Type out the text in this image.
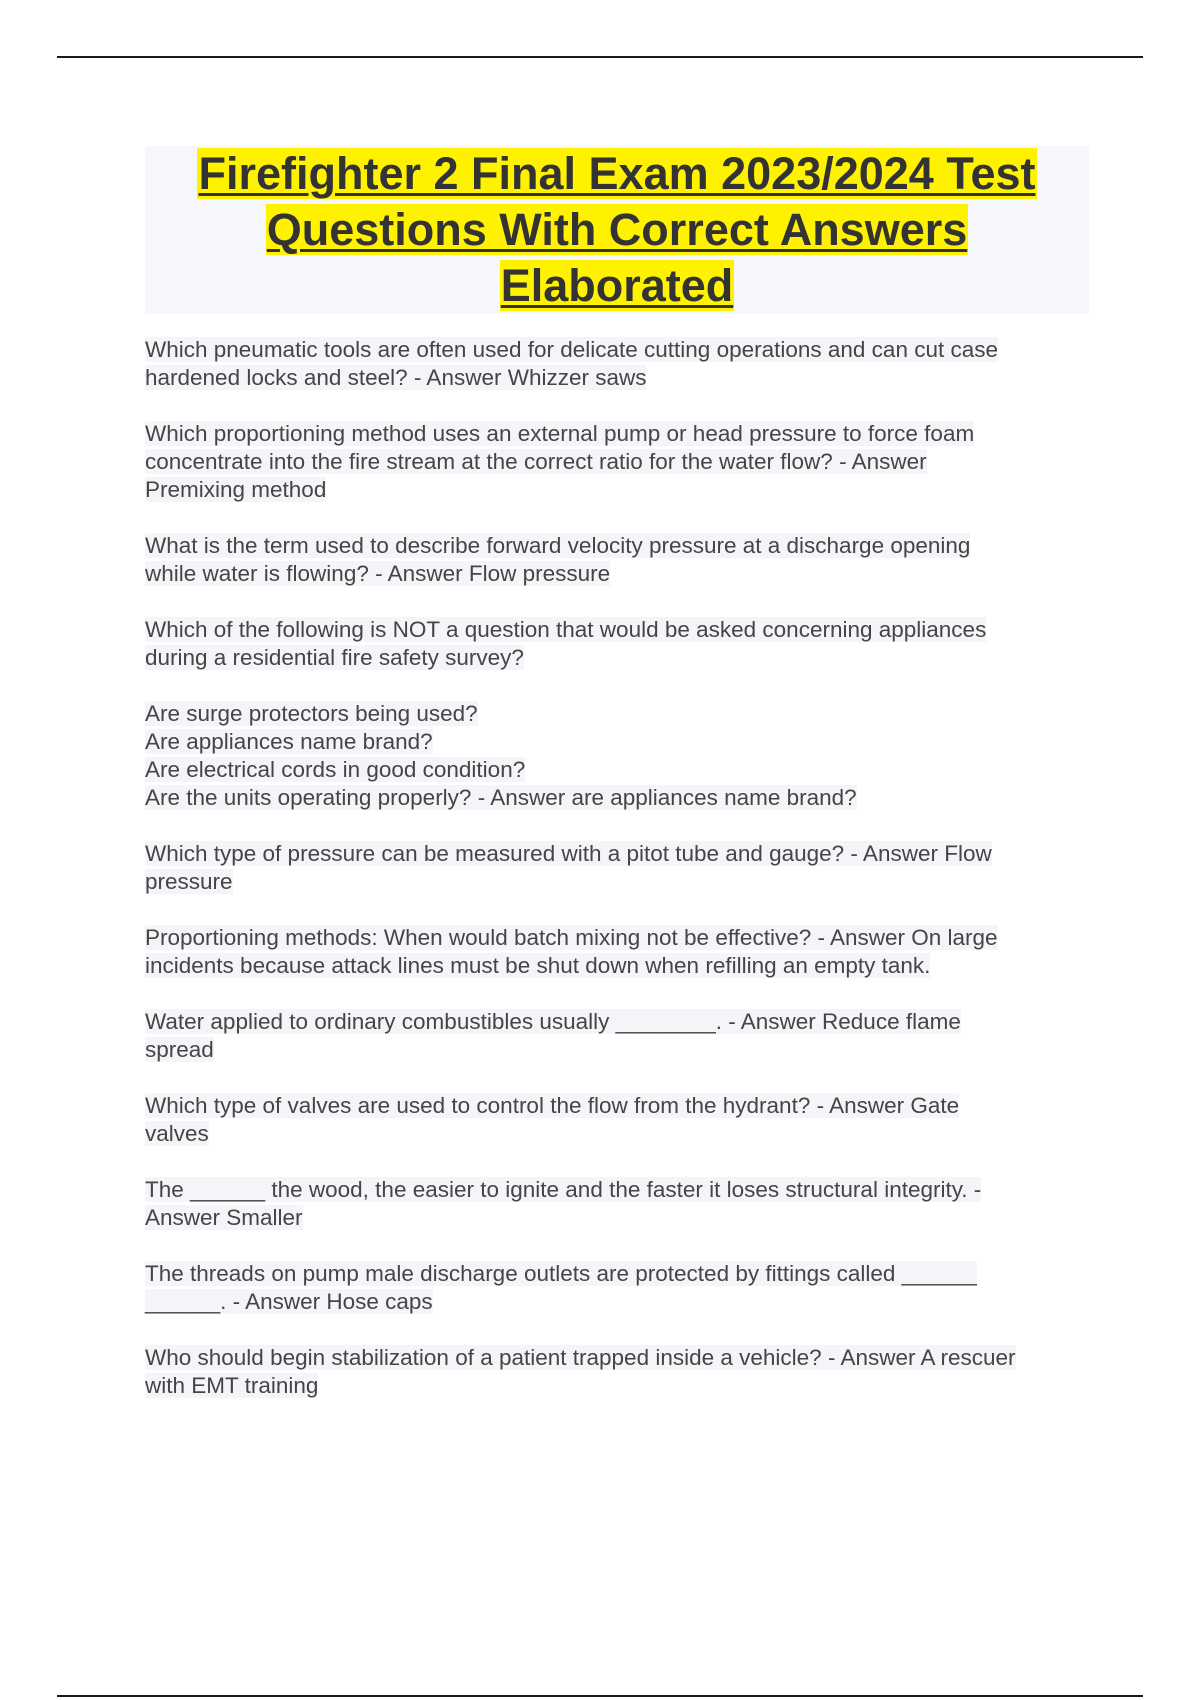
Firefighter 2 Final Exam 2023/2024 Test
Questions With Correct Answers
Elaborated
Which pneumatic tools are often used for delicate cutting operations and can cut case
hardened locks and steel? - Answer Whizzer saws
Which proportioning method uses an external pump or head pressure to force foam
concentrate into the fire stream at the correct ratio for the water flow? - Answer
Premixing method
What is the term used to describe forward velocity pressure at a discharge opening
while water is flowing? - Answer Flow pressure
Which of the following is NOT a question that would be asked concerning appliances
during a residential fire safety survey?
Are surge protectors being used?
Are appliances name brand?
Are electrical cords in good condition?
Are the units operating properly? - Answer are appliances name brand?
Which type of pressure can be measured with a pitot tube and gauge? - Answer Flow
pressure
Proportioning methods: When would batch mixing not be effective? - Answer On large
incidents because attack lines must be shut down when refilling an empty tank.
Water applied to ordinary combustibles usually ________. - Answer Reduce flame
spread
Which type of valves are used to control the flow from the hydrant? - Answer Gate
valves
The ______ the wood, the easier to ignite and the faster it loses structural integrity. -
Answer Smaller
The threads on pump male discharge outlets are protected by fittings called ______
______. - Answer Hose caps
Who should begin stabilization of a patient trapped inside a vehicle? - Answer A rescuer
with EMT training
